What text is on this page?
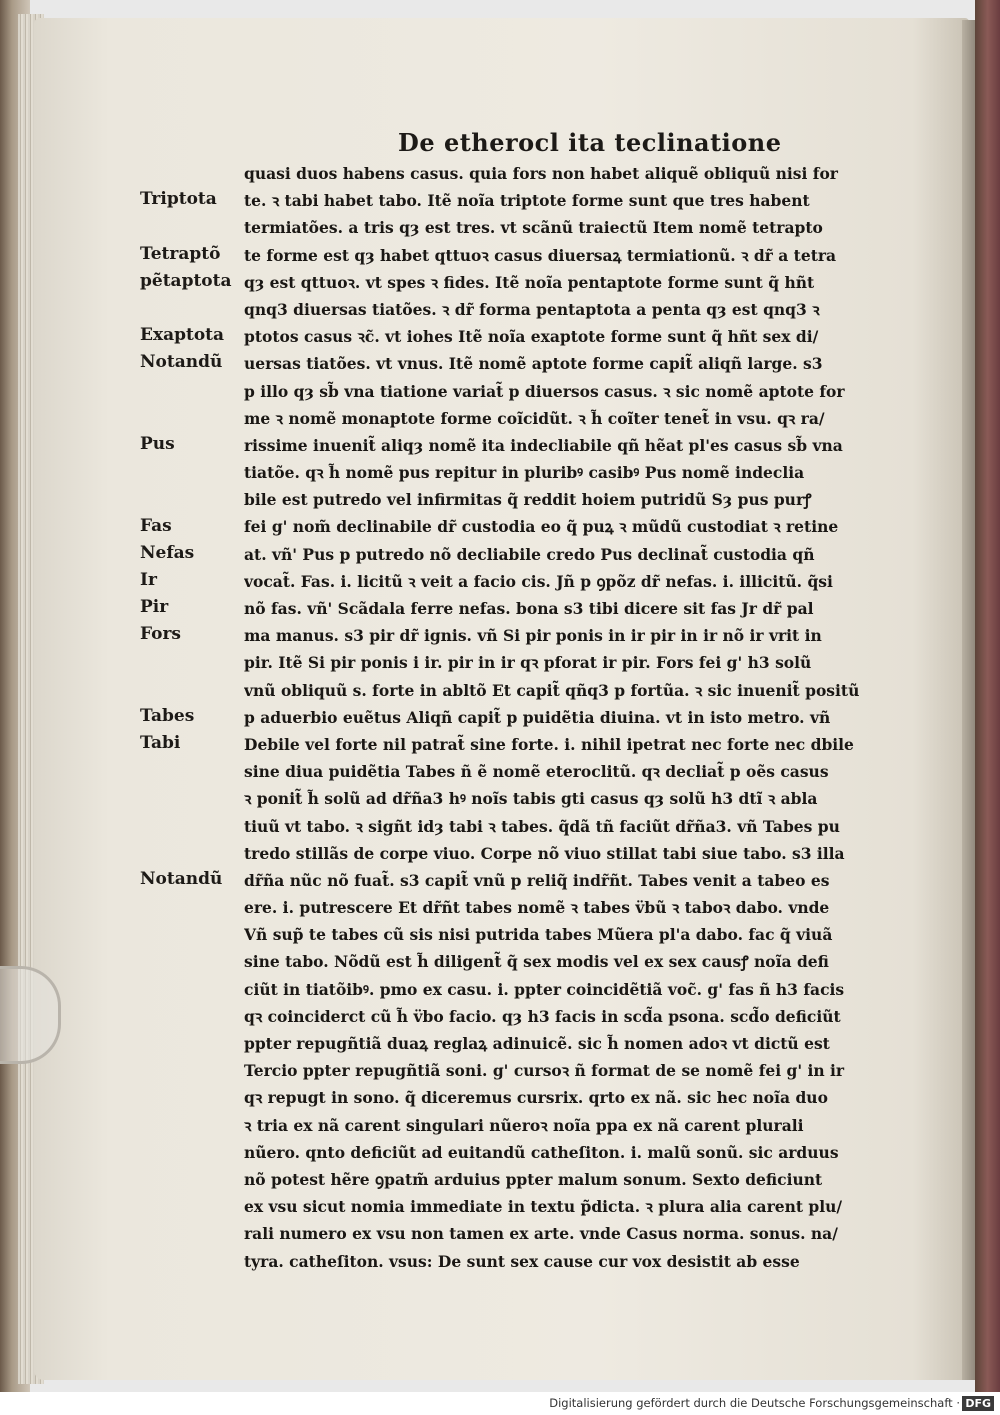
De etherocl ita teclinatione
Triptota
Tetraptõ
pẽtaptota
Exaptota
Notandũ
Pus
Fas
Nefas
Ir
Pir
Fors
Tabes
Tabi
Notandũ
quasi duos habens casus. quia fors non habet aliquẽ obliquũ nisi for
te. ꝛ tabi habet tabo. Itẽ noĩa triptote forme sunt que tres habent
termiatões. a tris qȝ est tres. vt scãnũ traiectũ Item nomẽ tetrapto
te forme est qȝ habet qttuoꝛ casus diuersaꝝ termiationũ. ꝛ dr̃ a tetra
qȝ est qttuoꝛ. vt spes ꝛ fides. Itẽ noĩa pentaptote forme sunt q̃ hñt
qnq3 diuersas tiatões. ꝛ dr̃ forma pentaptota a penta qȝ est qnq3 ꝛ
ptotos casus ꝛc̃. vt iohes Itẽ noĩa exaptote forme sunt q̃ hñt sex di/
uersas tiatões. vt vnus. Itẽ nomẽ aptote forme capit̃ aliqñ large. s3
p illo qȝ sb̃ vna tiatione variat̃ p diuersos casus. ꝛ sic nomẽ aptote for
me ꝛ nomẽ monaptote forme coĩcidũt. ꝛ h̃ coĩter tenet̃ in vsu. qꝛ ra/
rissime inuenit̃ aliqȝ nomẽ ita indecliabile qñ hẽat pl'es casus sb̃ vna
tiatõe. qꝛ h̃ nomẽ pus repitur in pluribꝰ casibꝰ Pus nomẽ indeclia
bile est putredo vel infirmitas q̃ reddit hoiem putridũ Sȝ pus purꝭ
fei g' nom̃ declinabile dr̃ custodia eo q̃ puꝝ ꝛ mũdũ custodiat ꝛ retine
at. vñ' Pus p putredo nõ decliabile credo Pus declinat̃ custodia qñ
vocat̃. Fas. i. licitũ ꝛ veit a facio cis. Jñ p ꝯpõz dr̃ nefas. i. illicitũ. q̃si
nõ fas. vñ' Scãdala ferre nefas. bona s3 tibi dicere sit fas Jr dr̃ pal
ma manus. s3 pir dr̃ ignis. vñ Si pir ponis in ir pir in ir nõ ir vrit in
pir. Itẽ Si pir ponis i ir. pir in ir qꝛ pforat ir pir. Fors fei g' h3 solũ
vnũ obliquũ s. forte in abltõ Et capit̃ qñq3 p fortũa. ꝛ sic inuenit̃ positũ
p aduerbio euẽtus Aliqñ capit̃ p puidẽtia diuina. vt in isto metro. vñ
Debile vel forte nil patrat̃ sine forte. i. nihil ipetrat nec forte nec dbile
sine diua puidẽtia Tabes ñ ẽ nomẽ eteroclitũ. qꝛ decliat̃ p oẽs casus
ꝛ ponit̃ h̃ solũ ad dr̃ña3 hꝰ noĩs tabis gti casus qȝ solũ h3 dtĩ ꝛ abla
tiuũ vt tabo. ꝛ sigñt idȝ tabi ꝛ tabes. q̃dã tñ faciũt dr̃ña3. vñ Tabes pu
tredo stillãs de corpe viuo. Corpe nõ viuo stillat tabi siue tabo. s3 illa
dr̃ña nũc nõ fuat̃. s3 capit̃ vnũ p reliq̃ indr̃ñt. Tabes venit a tabeo es
ere. i. putrescere Et dr̃ñt tabes nomẽ ꝛ tabes v̈bũ ꝛ taboꝛ dabo. vnde
Vñ sup̃ te tabes cũ sis nisi putrida tabes Mũera pl'a dabo. fac q̃ viuã
sine tabo. Nõdũ est h̃ diligent̃ q̃ sex modis vel ex sex causꝭ noĩa defi
ciũt in tiatõibꝰ. pmo ex casu. i. ppter coincidẽtiã voc̃. g' fas ñ h3 facis
qꝛ coinciderct cũ h̃ v̈bo facio. qȝ h3 facis in scd̃a psona. scd̃o deficiũt
ppter repugñtiã duaꝝ reglaꝝ adinuicẽ. sic h̃ nomen adoꝛ vt dictũ est
Tercio ppter repugñtiã soni. g' cursoꝛ ñ format de se nomẽ fei g' in ir
qꝛ repugt in sono. q̃ diceremus cursrix. qrto ex nã. sic hec noĩa duo
ꝛ tria ex nã carent singulari nũeroꝛ noĩa ppa ex nã carent plurali
nũero. qnto deficiũt ad euitandũ catheſiton. i. malũ sonũ. sic arduus
nõ potest hẽre ꝯpatm̃ arduius ppter malum sonum. Sexto deficiunt
ex vsu sicut nomia immediate in textu p̃dicta. ꝛ plura alia carent plu/
rali numero ex vsu non tamen ex arte. vnde Casus norma. sonus. na/
tyra. catheſiton. vsus: De sunt sex cause cur vox desistit ab esse
Digitalisierung gefördert durch die Deutsche Forschungsgemeinschaft · DFG
